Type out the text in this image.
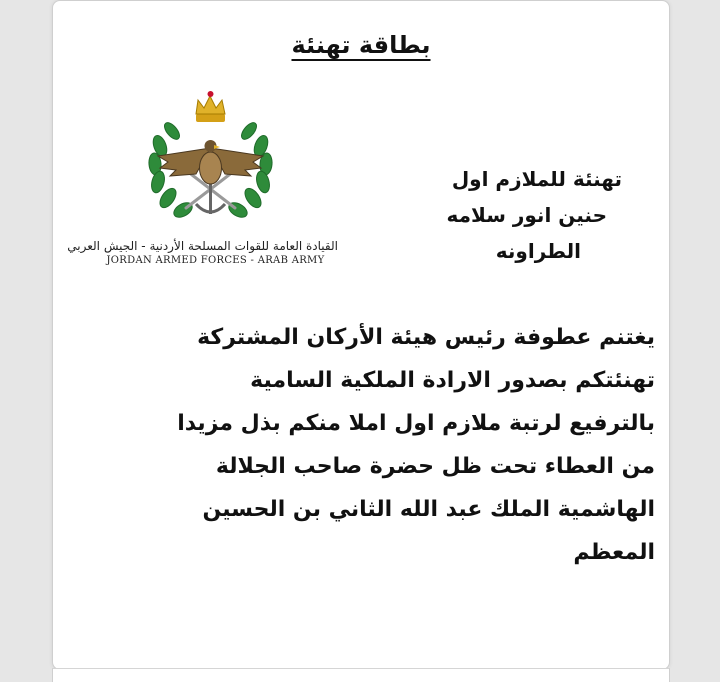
بطاقة تهنئة
القيادة العامة للقوات المسلحة الأردنية - الجيش العربي
JORDAN ARMED FORCES - ARAB ARMY
تهنئة للملازم اول
حنين انور سلامه
الطراونه
يغتنم عطوفة رئيس هيئة الأركان المشتركة
تهنئتكم بصدور الارادة الملكية السامية
بالترفيع لرتبة ملازم اول املا منكم بذل مزيدا
من العطاء تحت ظل حضرة صاحب الجلالة
الهاشمية الملك عبد الله الثاني بن الحسين
المعظم
